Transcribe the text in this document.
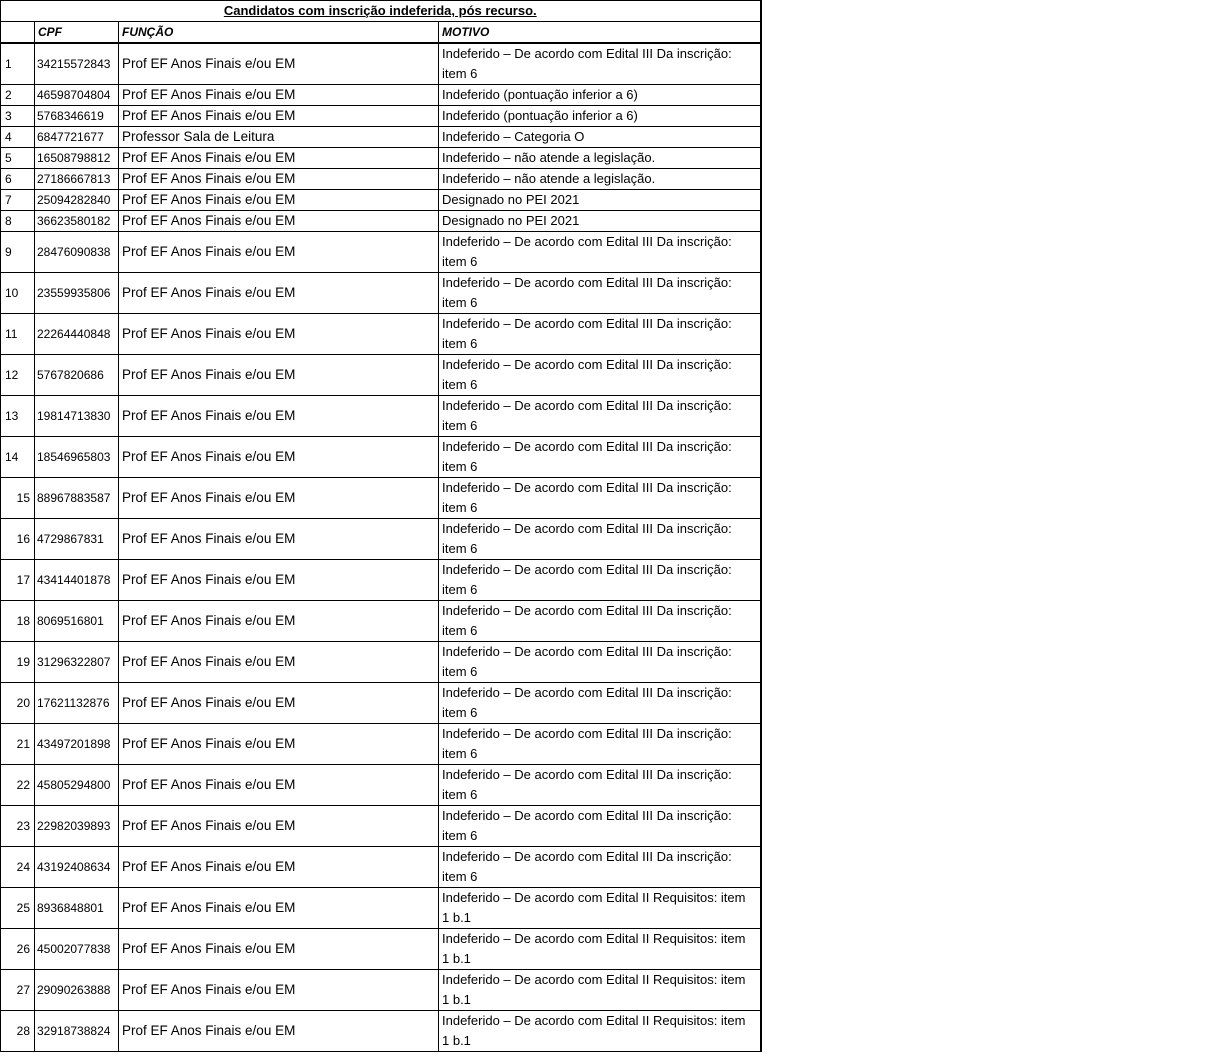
Candidatos com inscrição indeferida, pós recurso.			
	CPF	FUNÇÃO	MOTIVO
1	34215572843	Prof EF Anos Finais e/ou EM	Indeferido – De acordo com Edital III Da inscrição: item 6
2	46598704804	Prof EF Anos Finais e/ou EM	Indeferido (pontuação inferior a 6)
3	5768346619	Prof EF Anos Finais e/ou EM	Indeferido (pontuação inferior a 6)
4	6847721677	Professor Sala de Leitura	Indeferido – Categoria O
5	16508798812	Prof EF Anos Finais e/ou EM	Indeferido – não atende a legislação.
6	27186667813	Prof EF Anos Finais e/ou EM	Indeferido – não atende a legislação.
7	25094282840	Prof EF Anos Finais e/ou EM	Designado no PEI 2021
8	36623580182	Prof EF Anos Finais e/ou EM	Designado no PEI 2021
9	28476090838	Prof EF Anos Finais e/ou EM	Indeferido – De acordo com Edital III Da inscrição: item 6
10	23559935806	Prof EF Anos Finais e/ou EM	Indeferido – De acordo com Edital III Da inscrição: item 6
11	22264440848	Prof EF Anos Finais e/ou EM	Indeferido – De acordo com Edital III Da inscrição: item 6
12	5767820686	Prof EF Anos Finais e/ou EM	Indeferido – De acordo com Edital III Da inscrição: item 6
13	19814713830	Prof EF Anos Finais e/ou EM	Indeferido – De acordo com Edital III Da inscrição: item 6
14	18546965803	Prof EF Anos Finais e/ou EM	Indeferido – De acordo com Edital III Da inscrição: item 6
15	88967883587	Prof EF Anos Finais e/ou EM	Indeferido – De acordo com Edital III Da inscrição: item 6
16	4729867831	Prof EF Anos Finais e/ou EM	Indeferido – De acordo com Edital III Da inscrição: item 6
17	43414401878	Prof EF Anos Finais e/ou EM	Indeferido – De acordo com Edital III Da inscrição: item 6
18	8069516801	Prof EF Anos Finais e/ou EM	Indeferido – De acordo com Edital III Da inscrição: item 6
19	31296322807	Prof EF Anos Finais e/ou EM	Indeferido – De acordo com Edital III Da inscrição: item 6
20	17621132876	Prof EF Anos Finais e/ou EM	Indeferido – De acordo com Edital III Da inscrição: item 6
21	43497201898	Prof EF Anos Finais e/ou EM	Indeferido – De acordo com Edital III Da inscrição: item 6
22	45805294800	Prof EF Anos Finais e/ou EM	Indeferido – De acordo com Edital III Da inscrição: item 6
23	22982039893	Prof EF Anos Finais e/ou EM	Indeferido – De acordo com Edital III Da inscrição: item 6
24	43192408634	Prof EF Anos Finais e/ou EM	Indeferido – De acordo com Edital III Da inscrição: item 6
25	8936848801	Prof EF Anos Finais e/ou EM	Indeferido – De acordo com Edital II Requisitos: item 1 b.1
26	45002077838	Prof EF Anos Finais e/ou EM	Indeferido – De acordo com Edital II Requisitos: item 1 b.1
27	29090263888	Prof EF Anos Finais e/ou EM	Indeferido – De acordo com Edital II Requisitos: item 1 b.1
28	32918738824	Prof EF Anos Finais e/ou EM	Indeferido – De acordo com Edital II Requisitos: item 1 b.1
